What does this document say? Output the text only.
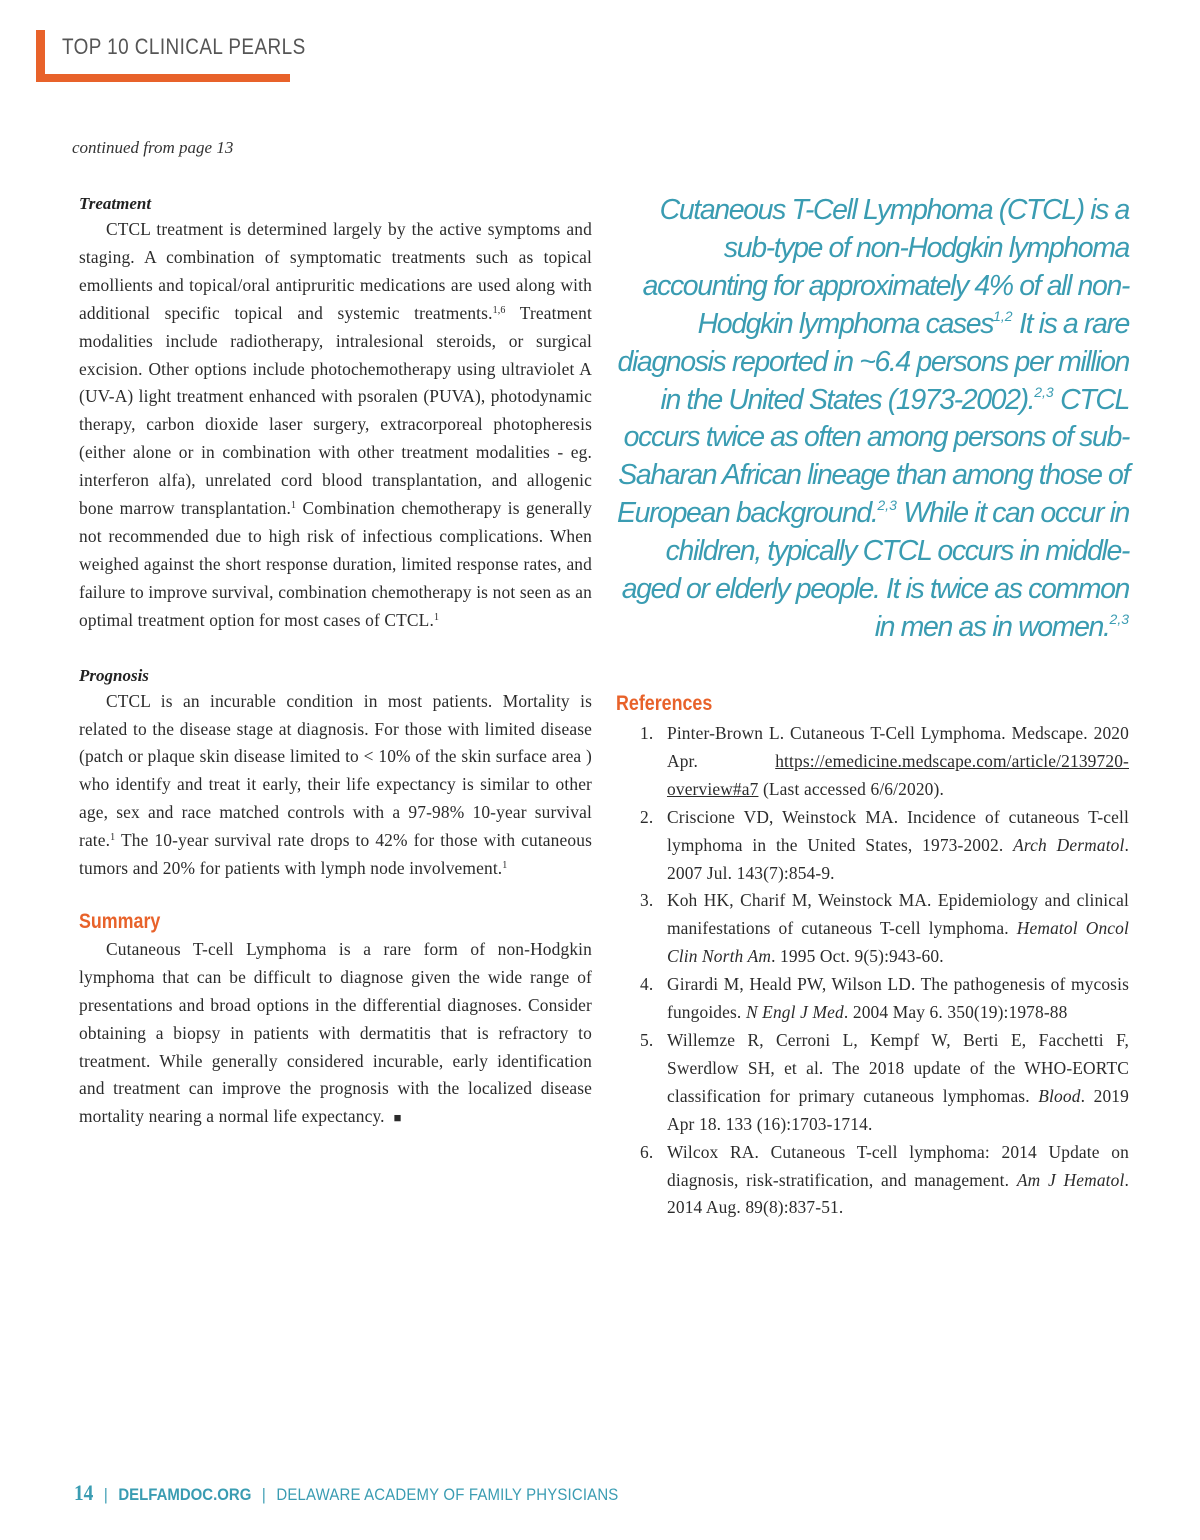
TOP 10 CLINICAL PEARLS
continued from page 13

Treatment

CTCL treatment is determined largely by the active symptoms and staging. A combination of symptomatic treatments such as topical emollients and topical/oral antipruritic medications are used along with additional specific topical and systemic treatments.$^{1,6}$ Treatment modalities include radiotherapy, intralesional steroids, or surgical excision. Other options include photochemotherapy using ultraviolet A (UV-A) light treatment enhanced with psoralen (PUVA), photodynamic therapy, carbon dioxide laser surgery, extracorporeal photopheresis (either alone or in combination with other treatment modalities - eg. interferon alfa), unrelated cord blood transplantation, and allogenic bone marrow transplantation.$^1$ Combination chemotherapy is generally not recommended due to high risk of infectious complications. When weighed against the short response duration, limited response rates, and failure to improve survival, combination chemotherapy is not seen as an optimal treatment option for most cases of CTCL.$^1$

Prognosis

CTCL is an incurable condition in most patients. Mortality is related to the disease stage at diagnosis. For those with limited disease (patch or plaque skin disease limited to < 10% of the skin surface area ) who identify and treat it early, their life expectancy is similar to other age, sex and race matched controls with a 97-98% 10-year survival rate.$^1$ The 10-year survival rate drops to 42% for those with cutaneous tumors and 20% for patients with lymph node involvement.$^1$

Summary

Cutaneous T-cell Lymphoma is a rare form of non-Hodgkin lymphoma that can be difficult to diagnose given the wide range of presentations and broad options in the differential diagnoses. Consider obtaining a biopsy in patients with dermatitis that is refractory to treatment. While generally considered incurable, early identification and treatment can improve the prognosis with the localized disease mortality nearing a normal life expectancy. ■

Cutaneous T-Cell Lymphoma (CTCL) is a sub-type of non-Hodgkin lymphoma accounting for approximately 4% of all non-Hodgkin lymphoma cases$^{1,2}$ It is a rare diagnosis reported in ~6.4 persons per million in the United States (1973-2002).$^{2,3}$ CTCL occurs twice as often among persons of sub-Saharan African lineage than among those of European background.$^{2,3}$ While it can occur in children, typically CTCL occurs in middle-aged or elderly people. It is twice as common in men as in women.$^{2,3}$

References

1. Pinter-Brown L. Cutaneous T-Cell Lymphoma. Medscape. 2020 Apr. https://emedicine.medscape.com/article/2139720-overview#a7 (Last accessed 6/6/2020).
2. Criscione VD, Weinstock MA. Incidence of cutaneous T-cell lymphoma in the United States, 1973-2002. Arch Dermatol. 2007 Jul. 143(7):854-9.
3. Koh HK, Charif M, Weinstock MA. Epidemiology and clinical manifestations of cutaneous T-cell lymphoma. Hematol Oncol Clin North Am. 1995 Oct. 9(5):943-60.
4. Girardi M, Heald PW, Wilson LD. The pathogenesis of mycosis fungoides. N Engl J Med. 2004 May 6. 350(19):1978-88
5. Willemze R, Cerroni L, Kempf W, Berti E, Facchetti F, Swerdlow SH, et al. The 2018 update of the WHO-EORTC classification for primary cutaneous lymphomas. Blood. 2019 Apr 18. 133 (16):1703-1714.
6. Wilcox RA. Cutaneous T-cell lymphoma: 2014 Update on diagnosis, risk-stratification, and management. Am J Hematol. 2014 Aug. 89(8):837-51.
14 | DELFAMDOC.ORG | DELAWARE ACADEMY OF FAMILY PHYSICIANS
